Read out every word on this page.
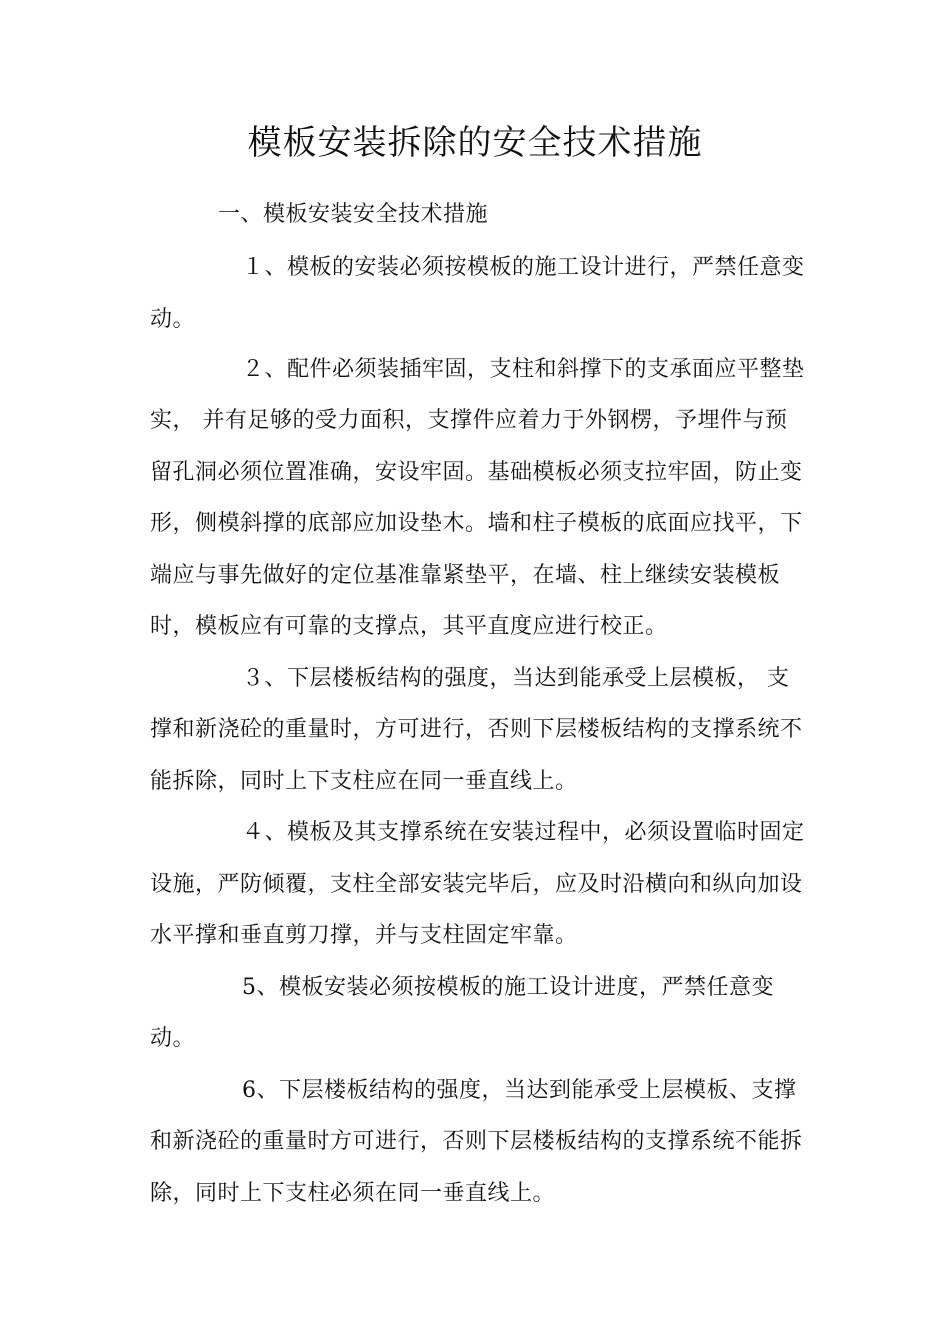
模板安装拆除的安全技术措施
一、模板安装安全技术措施
１、模板的安装必须按模板的施工设计进行，严禁任意变
动。
２、配件必须装插牢固，支柱和斜撑下的支承面应平整垫
实， 并有足够的受力面积，支撑件应着力于外钢楞，予埋件与预
留孔洞必须位置准确，安设牢固。基础模板必须支拉牢固，防止变
形，侧模斜撑的底部应加设垫木。墙和柱子模板的底面应找平，下
端应与事先做好的定位基准靠紧垫平，在墙、柱上继续安装模板
时，模板应有可靠的支撑点，其平直度应进行校正。
３、下层楼板结构的强度，当达到能承受上层模板， 支
撑和新浇砼的重量时，方可进行，否则下层楼板结构的支撑系统不
能拆除，同时上下支柱应在同一垂直线上。
４、模板及其支撑系统在安装过程中，必须设置临时固定
设施，严防倾覆，支柱全部安装完毕后，应及时沿横向和纵向加设
水平撑和垂直剪刀撑，并与支柱固定牢靠。
5、模板安装必须按模板的施工设计进度，严禁任意变
动。
6、下层楼板结构的强度，当达到能承受上层模板、支撑
和新浇砼的重量时方可进行，否则下层楼板结构的支撑系统不能拆
除，同时上下支柱必须在同一垂直线上。
